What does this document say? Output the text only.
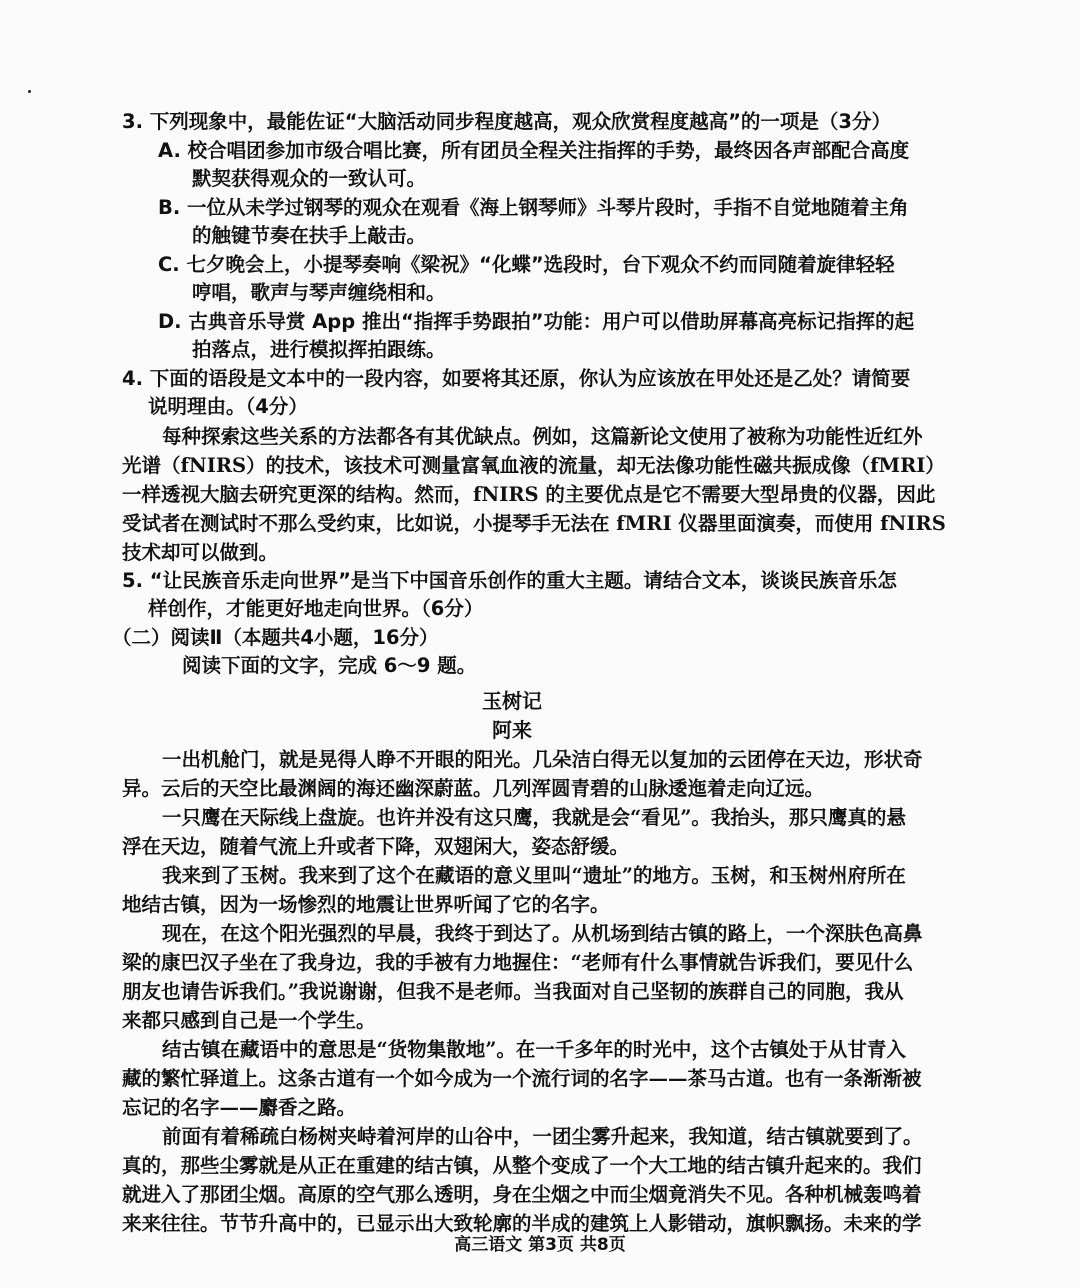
3. 下列现象中，最能佐证“大脑活动同步程度越高，观众欣赏程度越高”的一项是（3分）
A. 校合唱团参加市级合唱比赛，所有团员全程关注指挥的手势，最终因各声部配合高度
默契获得观众的一致认可。
B. 一位从未学过钢琴的观众在观看《海上钢琴师》斗琴片段时，手指不自觉地随着主角
的触键节奏在扶手上敲击。
C. 七夕晚会上，小提琴奏响《梁祝》“化蝶”选段时，台下观众不约而同随着旋律轻轻
哼唱，歌声与琴声缠绕相和。
D. 古典音乐导赏 App 推出“指挥手势跟拍”功能：用户可以借助屏幕高亮标记指挥的起
拍落点，进行模拟挥拍跟练。
4. 下面的语段是文本中的一段内容，如要将其还原，你认为应该放在甲处还是乙处？请简要
说明理由。（4分）
每种探索这些关系的方法都各有其优缺点。例如，这篇新论文使用了被称为功能性近红外
光谱（fNIRS）的技术，该技术可测量富氧血液的流量，却无法像功能性磁共振成像（fMRI）
一样透视大脑去研究更深的结构。然而，fNIRS 的主要优点是它不需要大型昂贵的仪器，因此
受试者在测试时不那么受约束，比如说，小提琴手无法在 fMRI 仪器里面演奏，而使用 fNIRS
技术却可以做到。
5. “让民族音乐走向世界”是当下中国音乐创作的重大主题。请结合文本，谈谈民族音乐怎
样创作，才能更好地走向世界。（6分）
（二）阅读Ⅱ（本题共4小题，16分）
阅读下面的文字，完成 6～9 题。
玉树记
阿来
一出机舱门，就是晃得人睁不开眼的阳光。几朵洁白得无以复加的云团停在天边，形状奇
异。云后的天空比最渊阔的海还幽深蔚蓝。几列浑圆青碧的山脉逶迤着走向辽远。
一只鹰在天际线上盘旋。也许并没有这只鹰，我就是会“看见”。我抬头，那只鹰真的悬
浮在天边，随着气流上升或者下降，双翅闲大，姿态舒缓。
我来到了玉树。我来到了这个在藏语的意义里叫“遗址”的地方。玉树，和玉树州府所在
地结古镇，因为一场惨烈的地震让世界听闻了它的名字。
现在，在这个阳光强烈的早晨，我终于到达了。从机场到结古镇的路上，一个深肤色高鼻
梁的康巴汉子坐在了我身边，我的手被有力地握住：“老师有什么事情就告诉我们，要见什么
朋友也请告诉我们。”我说谢谢，但我不是老师。当我面对自己坚韧的族群自己的同胞，我从
来都只感到自己是一个学生。
结古镇在藏语中的意思是“货物集散地”。在一千多年的时光中，这个古镇处于从甘青入
藏的繁忙驿道上。这条古道有一个如今成为一个流行词的名字——茶马古道。也有一条渐渐被
忘记的名字——麝香之路。
前面有着稀疏白杨树夹峙着河岸的山谷中，一团尘雾升起来，我知道，结古镇就要到了。
真的，那些尘雾就是从正在重建的结古镇，从整个变成了一个大工地的结古镇升起来的。我们
就进入了那团尘烟。高原的空气那么透明，身在尘烟之中而尘烟竟消失不见。各种机械轰鸣着
来来往往。节节升高中的，已显示出大致轮廓的半成的建筑上人影错动，旗帜飘扬。未来的学
高三语文 第3页 共8页
